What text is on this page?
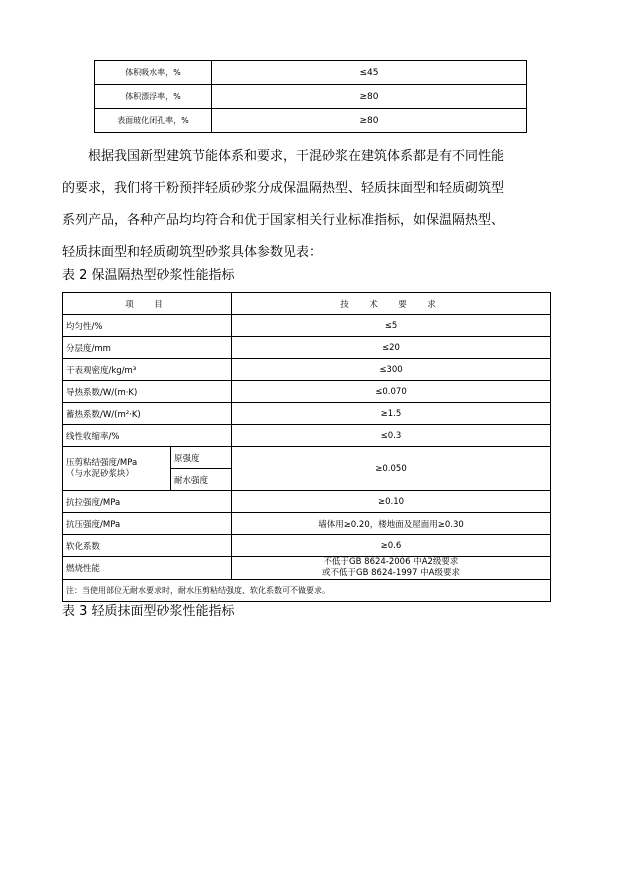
体积吸水率，%	≤45
体积漂浮率，%	≥80
表面玻化闭孔率，%	≥80
根据我国新型建筑节能体系和要求，干混砂浆在建筑体系都是有不同性能
的要求，我们将干粉预拌轻质砂浆分成保温隔热型、轻质抹面型和轻质砌筑型
系列产品，各种产品均均符合和优于国家相关行业标准指标，如保温隔热型、
轻质抹面型和轻质砌筑型砂浆具体参数见表：

表 2 保温隔热型砂浆性能指标

项　目		技　术　要　求
均匀性/%		≤5
分层度/mm		≤20
干表观密度/kg/m³		≤300
导热系数/W/(m·K)		≤0.070
蓄热系数/W/(m²·K)		≥1.5
线性收缩率/%		≤0.3

压剪粘结强度/MPa
（与水泥砂浆块）	原强度	≥0.050
	耐水强度	
抗拉强度/MPa		≥0.10
抗压强度/MPa		墙体用≥0.20，楼地面及屋面用≥0.30
软化系数		≥0.6
燃烧性能		不低于GB 8624-2006 中A2级要求
或不低于GB 8624-1997 中A级要求

注：当使用部位无耐水要求时，耐水压剪粘结强度、软化系数可不做要求。		

表 3 轻质抹面型砂浆性能指标
